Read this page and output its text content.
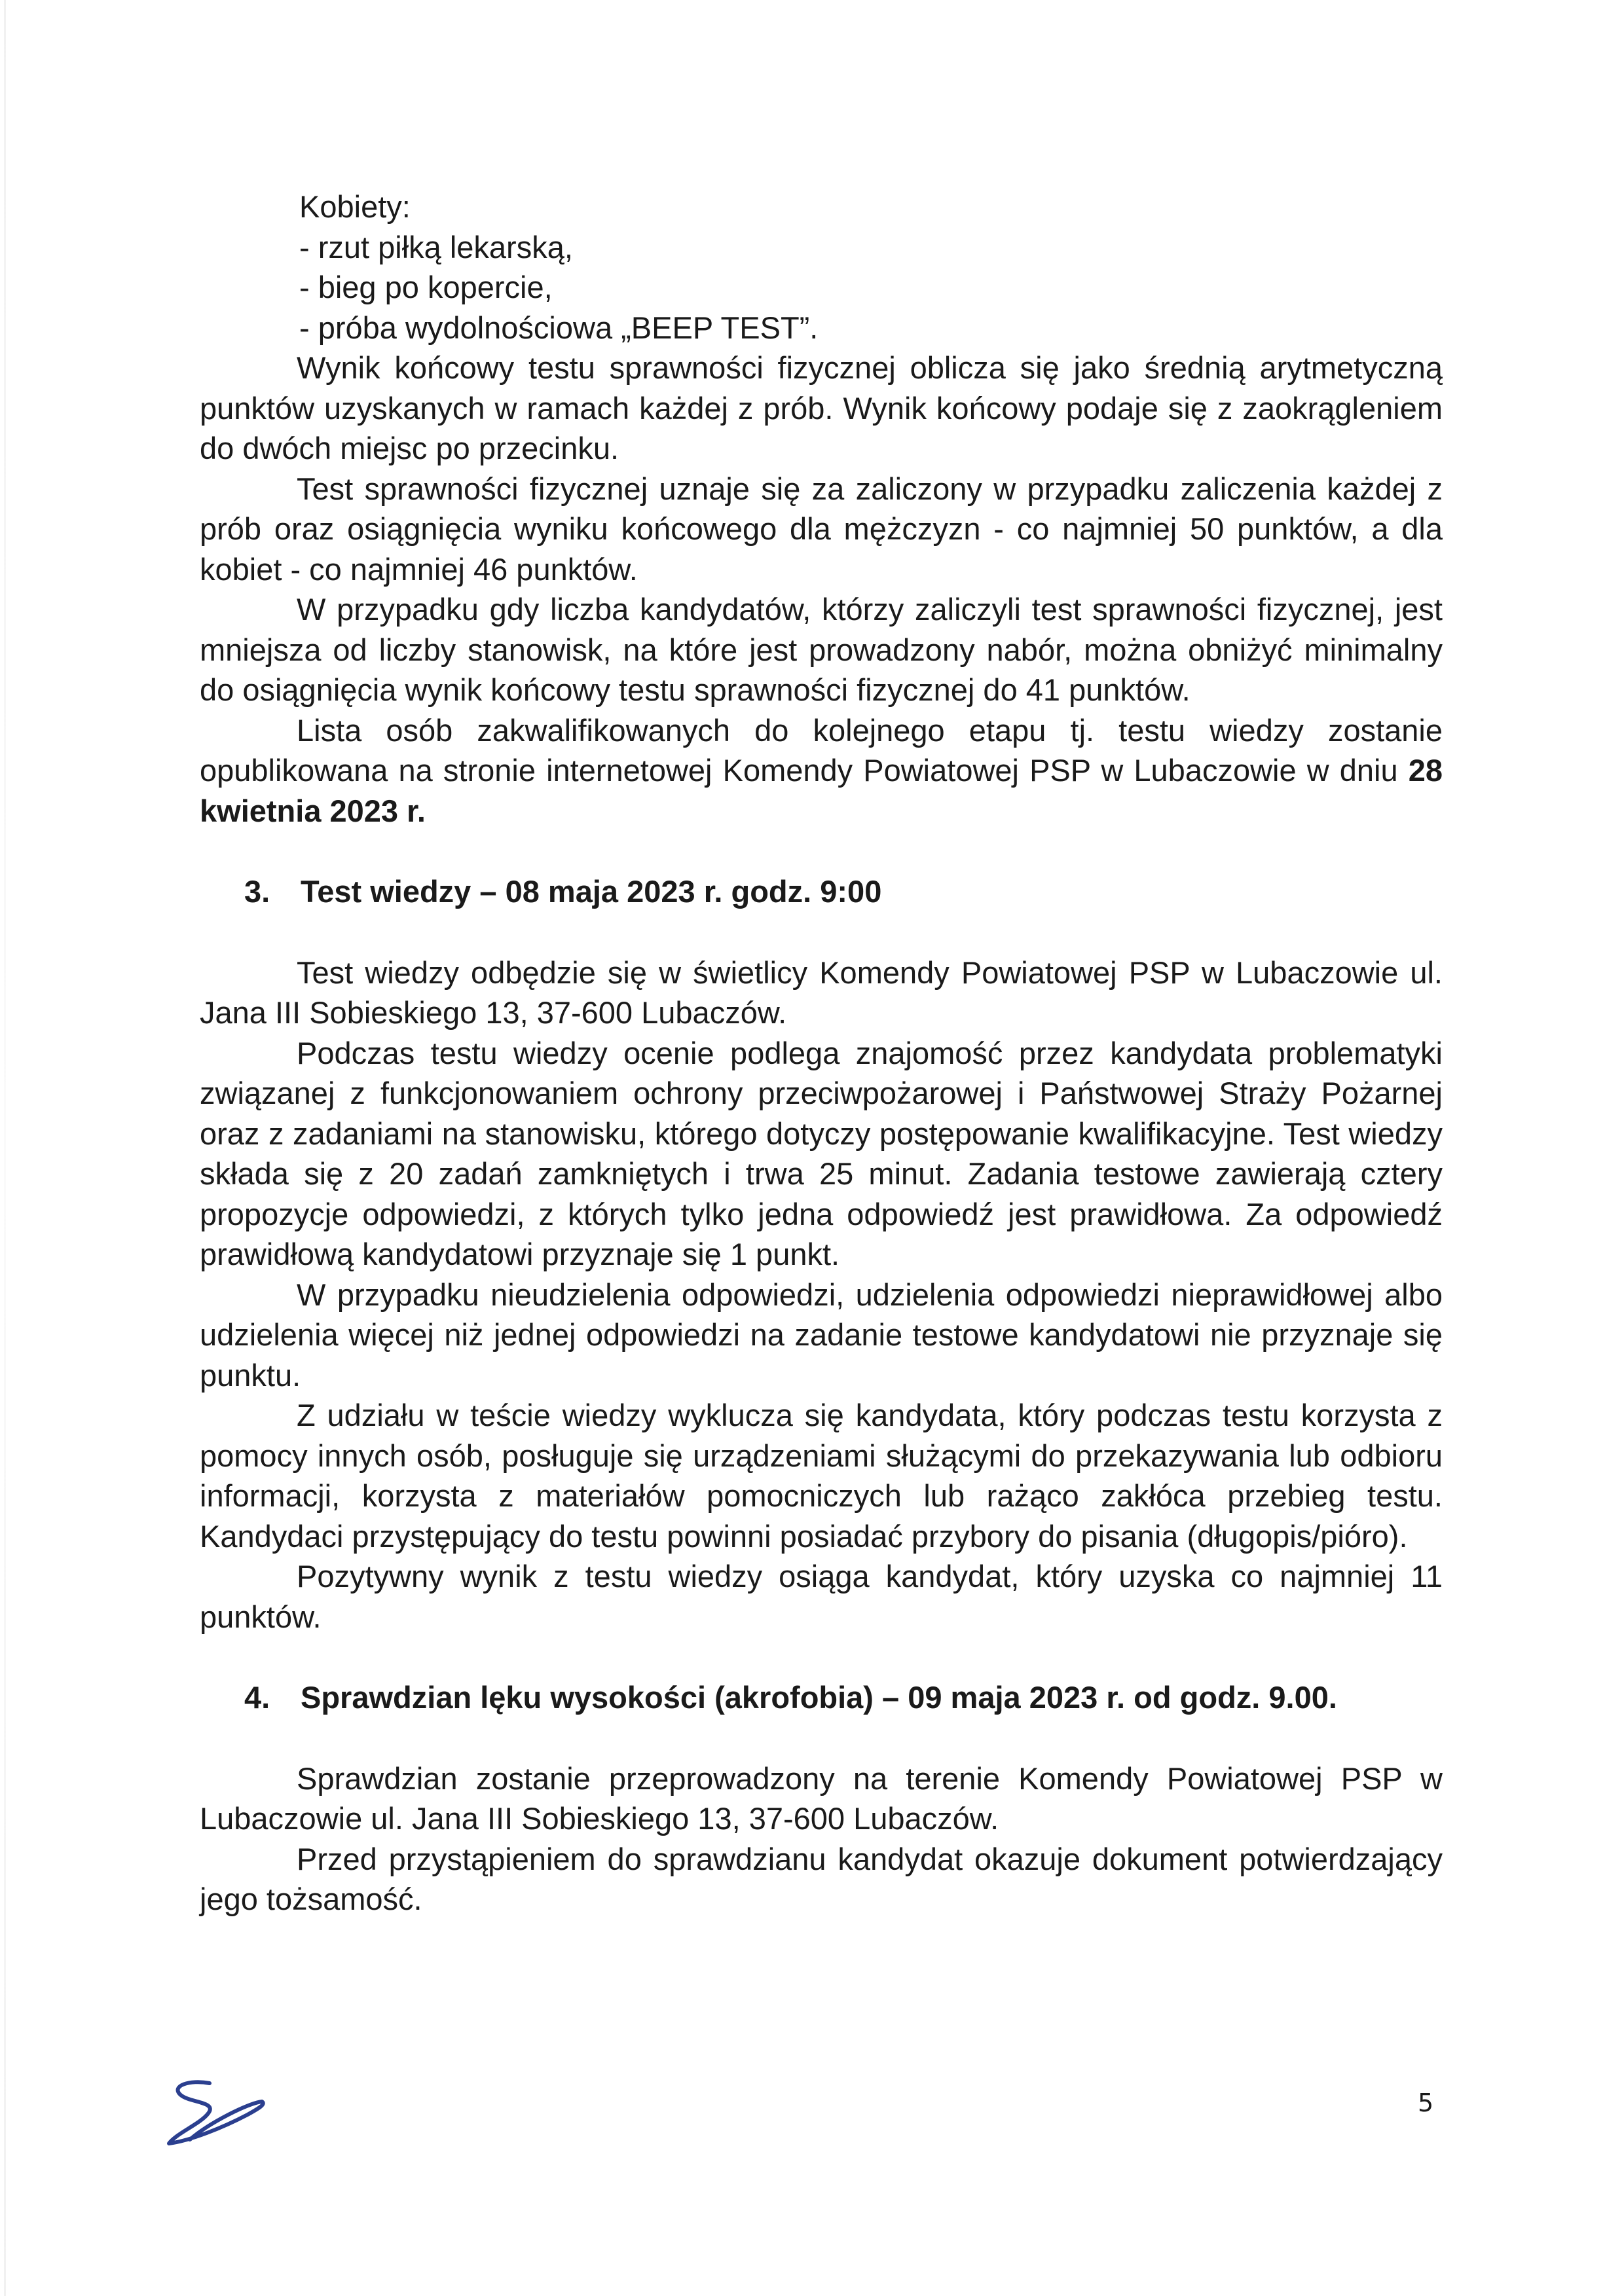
Kobiety:

- rzut piłką lekarską,

- bieg po kopercie,

- próba wydolnościowa „BEEP TEST”.

Wynik końcowy testu sprawności fizycznej oblicza się jako średnią arytmetyczną punktów uzyskanych w ramach każdej z prób. Wynik końcowy podaje się z zaokrągleniem do dwóch miejsc po przecinku.

Test sprawności fizycznej uznaje się za zaliczony w przypadku zaliczenia każdej z prób oraz osiągnięcia wyniku końcowego dla mężczyzn - co najmniej 50 punktów, a dla kobiet - co najmniej 46 punktów.

W przypadku gdy liczba kandydatów, którzy zaliczyli test sprawności fizycznej, jest mniejsza od liczby stanowisk, na które jest prowadzony nabór, można obniżyć minimalny do osiągnięcia wynik końcowy testu sprawności fizycznej do 41 punktów.

Lista osób zakwalifikowanych do kolejnego etapu tj. testu wiedzy zostanie opublikowana na stronie internetowej Komendy Powiatowej PSP w Lubaczowie w dniu 28 kwietnia 2023 r.

3. Test wiedzy – 08 maja 2023 r. godz. 9:00

Test wiedzy odbędzie się w świetlicy Komendy Powiatowej PSP w Lubaczowie ul. Jana III Sobieskiego 13, 37-600 Lubaczów.

Podczas testu wiedzy ocenie podlega znajomość przez kandydata problematyki związanej z funkcjonowaniem ochrony przeciwpożarowej i Państwowej Straży Pożarnej oraz z zadaniami na stanowisku, którego dotyczy postępowanie kwalifikacyjne. Test wiedzy składa się z 20 zadań zamkniętych i trwa 25 minut. Zadania testowe zawierają cztery propozycje odpowiedzi, z których tylko jedna odpowiedź jest prawidłowa. Za odpowiedź prawidłową kandydatowi przyznaje się 1 punkt.

W przypadku nieudzielenia odpowiedzi, udzielenia odpowiedzi nieprawidłowej albo udzielenia więcej niż jednej odpowiedzi na zadanie testowe kandydatowi nie przyznaje się punktu.

Z udziału w teście wiedzy wyklucza się kandydata, który podczas testu korzysta z pomocy innych osób, posługuje się urządzeniami służącymi do przekazywania lub odbioru informacji, korzysta z materiałów pomocniczych lub rażąco zakłóca przebieg testu. Kandydaci przystępujący do testu powinni posiadać przybory do pisania (długopis/pióro).

Pozytywny wynik z testu wiedzy osiąga kandydat, który uzyska co najmniej 11 punktów.

4. Sprawdzian lęku wysokości (akrofobia) – 09 maja 2023 r. od godz. 9.00.

Sprawdzian zostanie przeprowadzony na terenie Komendy Powiatowej PSP w Lubaczowie ul. Jana III Sobieskiego 13, 37-600 Lubaczów.

Przed przystąpieniem do sprawdzianu kandydat okazuje dokument potwierdzający jego tożsamość.

5
